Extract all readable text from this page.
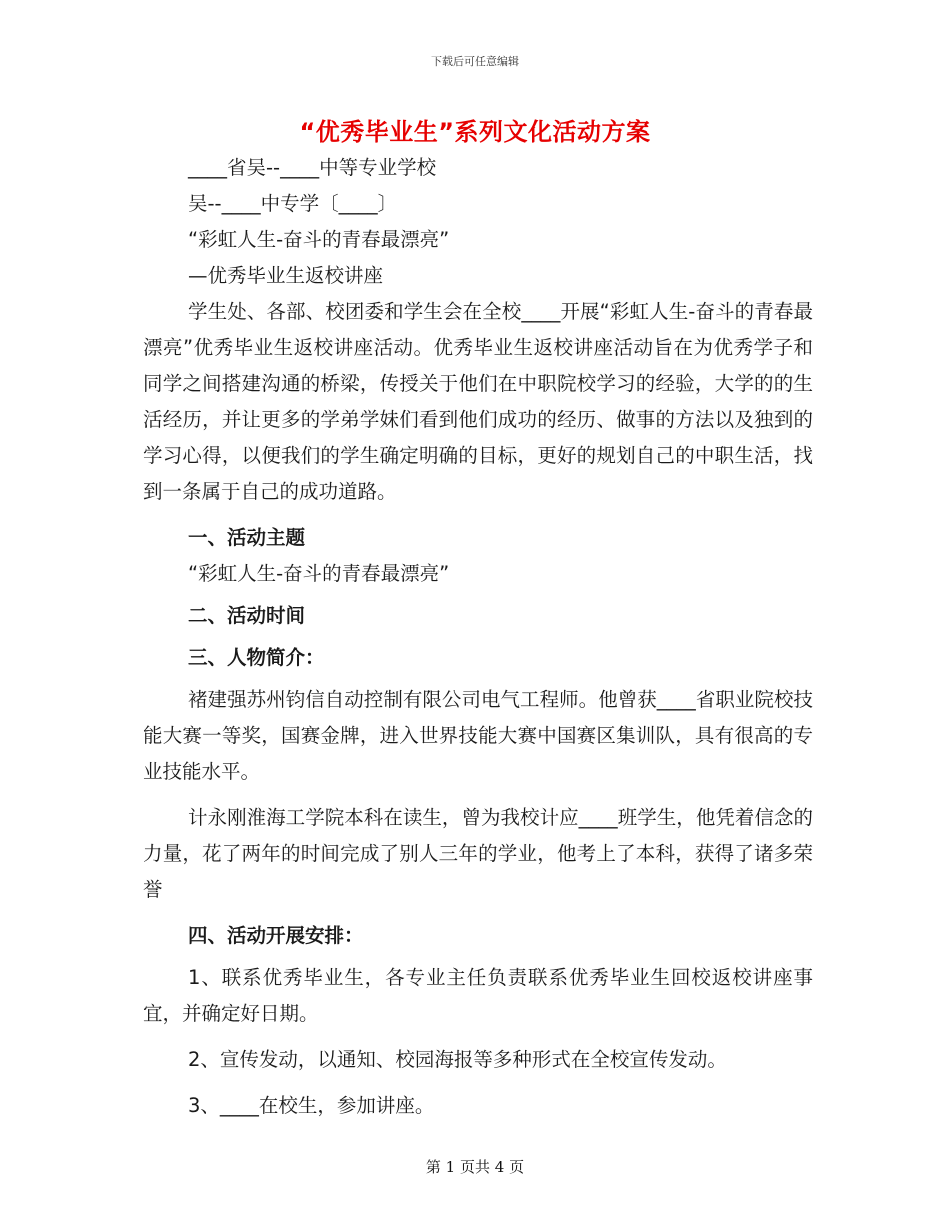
下载后可任意编辑
“优秀毕业生”系列文化活动方案
____省吴--____中等专业学校
吴--____中专学〔____〕
“彩虹人生-奋斗的青春最漂亮”
—优秀毕业生返校讲座

学生处、各部、校团委和学生会在全校____开展“彩虹人生-奋斗的青春最漂亮”优秀毕业生返校讲座活动。优秀毕业生返校讲座活动旨在为优秀学子和同学之间搭建沟通的桥梁，传授关于他们在中职院校学习的经验，大学的的生活经历，并让更多的学弟学妹们看到他们成功的经历、做事的方法以及独到的学习心得，以便我们的学生确定明确的目标，更好的规划自己的中职生活，找到一条属于自己的成功道路。

一、活动主题
“彩虹人生-奋斗的青春最漂亮”
二、活动时间
三、人物简介：

褚建强苏州钧信自动控制有限公司电气工程师。他曾获____省职业院校技能大赛一等奖，国赛金牌，进入世界技能大赛中国赛区集训队，具有很高的专业技能水平。

计永刚淮海工学院本科在读生，曾为我校计应____班学生，他凭着信念的力量，花了两年的时间完成了别人三年的学业，他考上了本科，获得了诸多荣誉

四、活动开展安排：

1、联系优秀毕业生，各专业主任负责联系优秀毕业生回校返校讲座事宜，并确定好日期。

2、宣传发动，以通知、校园海报等多种形式在全校宣传发动。

3、____在校生，参加讲座。

第 1 页共 4 页
